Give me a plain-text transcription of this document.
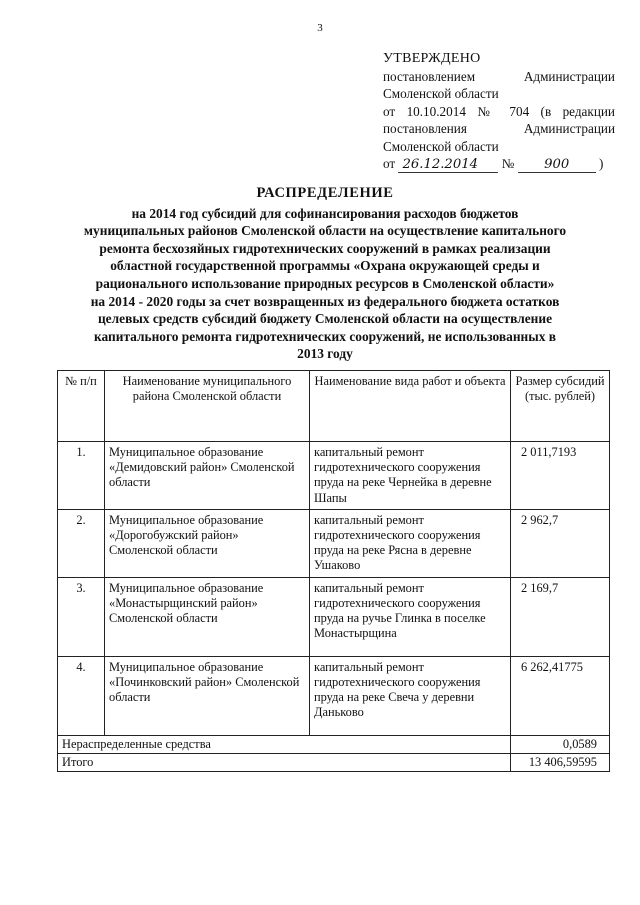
3
УТВЕРЖДЕНО
постановлением Администрации
Смоленской области
от 10.10.2014 № 704 (в редакции
постановления Администрации
Смоленской области
от 26.12.2014 № 900 )
РАСПРЕДЕЛЕНИЕ
на 2014 год субсидий для софинансирования расходов бюджетов
муниципальных районов Смоленской области на осуществление капитального
ремонта бесхозяйных гидротехнических сооружений в рамках реализации
областной государственной программы «Охрана окружающей среды и
рационального использование природных ресурсов в Смоленской области»
на 2014 - 2020 годы за счет возвращенных из федерального бюджета остатков
целевых средств субсидий бюджету Смоленской области на осуществление
капитального ремонта гидротехнических сооружений, не использованных в
2013 году
№ п/п	Наименование муниципального района Смоленской области	Наименование вида работ и объекта	Размер субсидий (тыс. рублей)
1.	Муниципальное образование «Демидовский район» Смоленской области	капитальный ремонт гидротехнического сооружения пруда на реке Чернейка в деревне Шапы	2 011,7193
2.	Муниципальное образование «Дорогобужский район» Смоленской области	капитальный ремонт гидротехнического сооружения пруда на реке Рясна в деревне Ушаково	2 962,7
3.	Муниципальное образование «Монастырщинский район» Смоленской области	капитальный ремонт гидротехнического сооружения пруда на ручье Глинка в поселке Монастырщина	2 169,7
4.	Муниципальное образование «Починковский район» Смоленской области	капитальный ремонт гидротехнического сооружения пруда на реке Свеча у деревни Даньково	6 262,41775
Нераспределенные средства			0,0589
Итого			13 406,59595
